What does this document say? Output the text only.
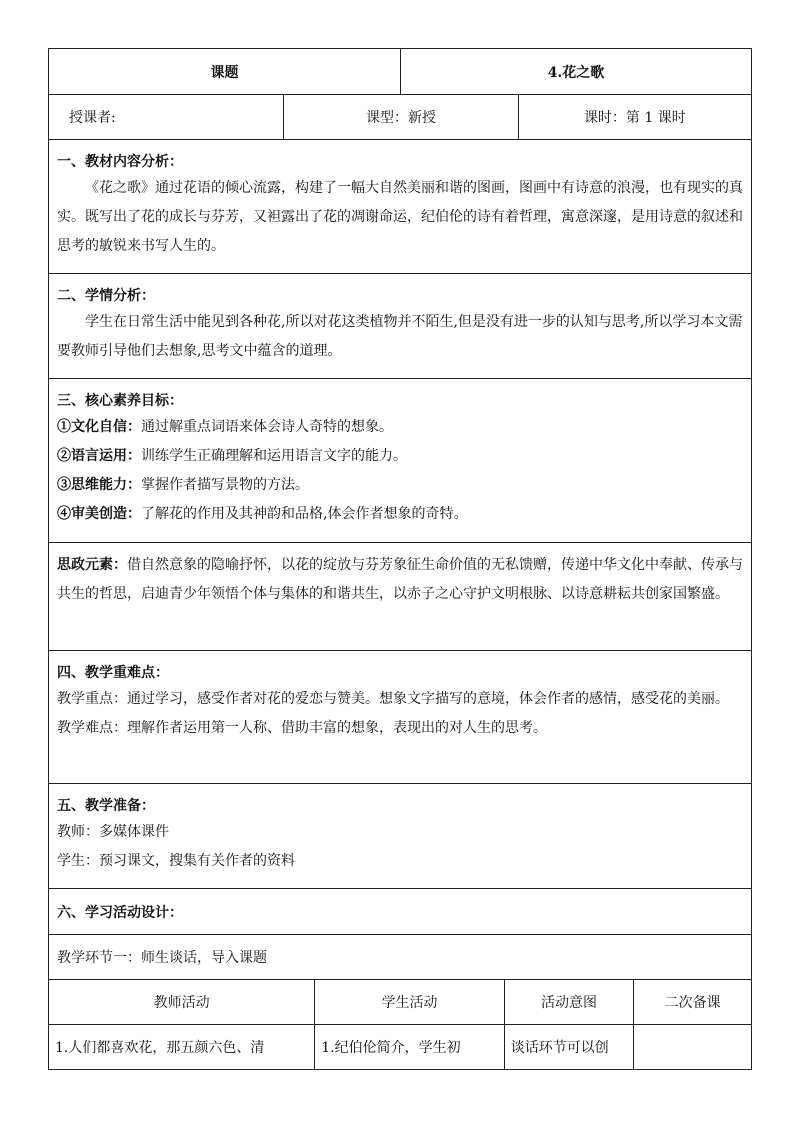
课题	4.花之歌
授课者:	课型：新授	课时：第 1 课时
一、教材内容分析：
《花之歌》通过花语的倾心流露，构建了一幅大自然美丽和谐的图画，图画中有诗意的浪漫，也有现实的真实。既写出了花的成长与芬芳，又袒露出了花的凋谢命运，纪伯伦的诗有着哲理，寓意深邃，是用诗意的叙述和思考的敏锐来书写人生的。
二、学情分析：
学生在日常生活中能见到各种花,所以对花这类植物并不陌生,但是没有进一步的认知与思考,所以学习本文需要教师引导他们去想象,思考文中蕴含的道理。
三、核心素养目标：
①文化自信：通过解重点词语来体会诗人奇特的想象。
②语言运用：训练学生正确理解和运用语言文字的能力。
③思维能力：掌握作者描写景物的方法。
④审美创造：了解花的作用及其神韵和品格,体会作者想象的奇特。
思政元素：借自然意象的隐喻抒怀，以花的绽放与芬芳象征生命价值的无私馈赠，传递中华文化中奉献、传承与共生的哲思，启迪青少年领悟个体与集体的和谐共生，以赤子之心守护文明根脉、以诗意耕耘共创家国繁盛。
四、教学重难点：
教学重点：通过学习，感受作者对花的爱恋与赞美。想象文字描写的意境，体会作者的感情，感受花的美丽。
教学难点：理解作者运用第一人称、借助丰富的想象，表现出的对人生的思考。
五、教学准备：
教师：多媒体课件
学生：预习课文，搜集有关作者的资料
六、学习活动设计：
教学环节一：师生谈话，导入课题
教师活动	学生活动	活动意图	二次备课
1.人们都喜欢花，那五颜六色、清	1.纪伯伦简介，学生初	谈话环节可以创
